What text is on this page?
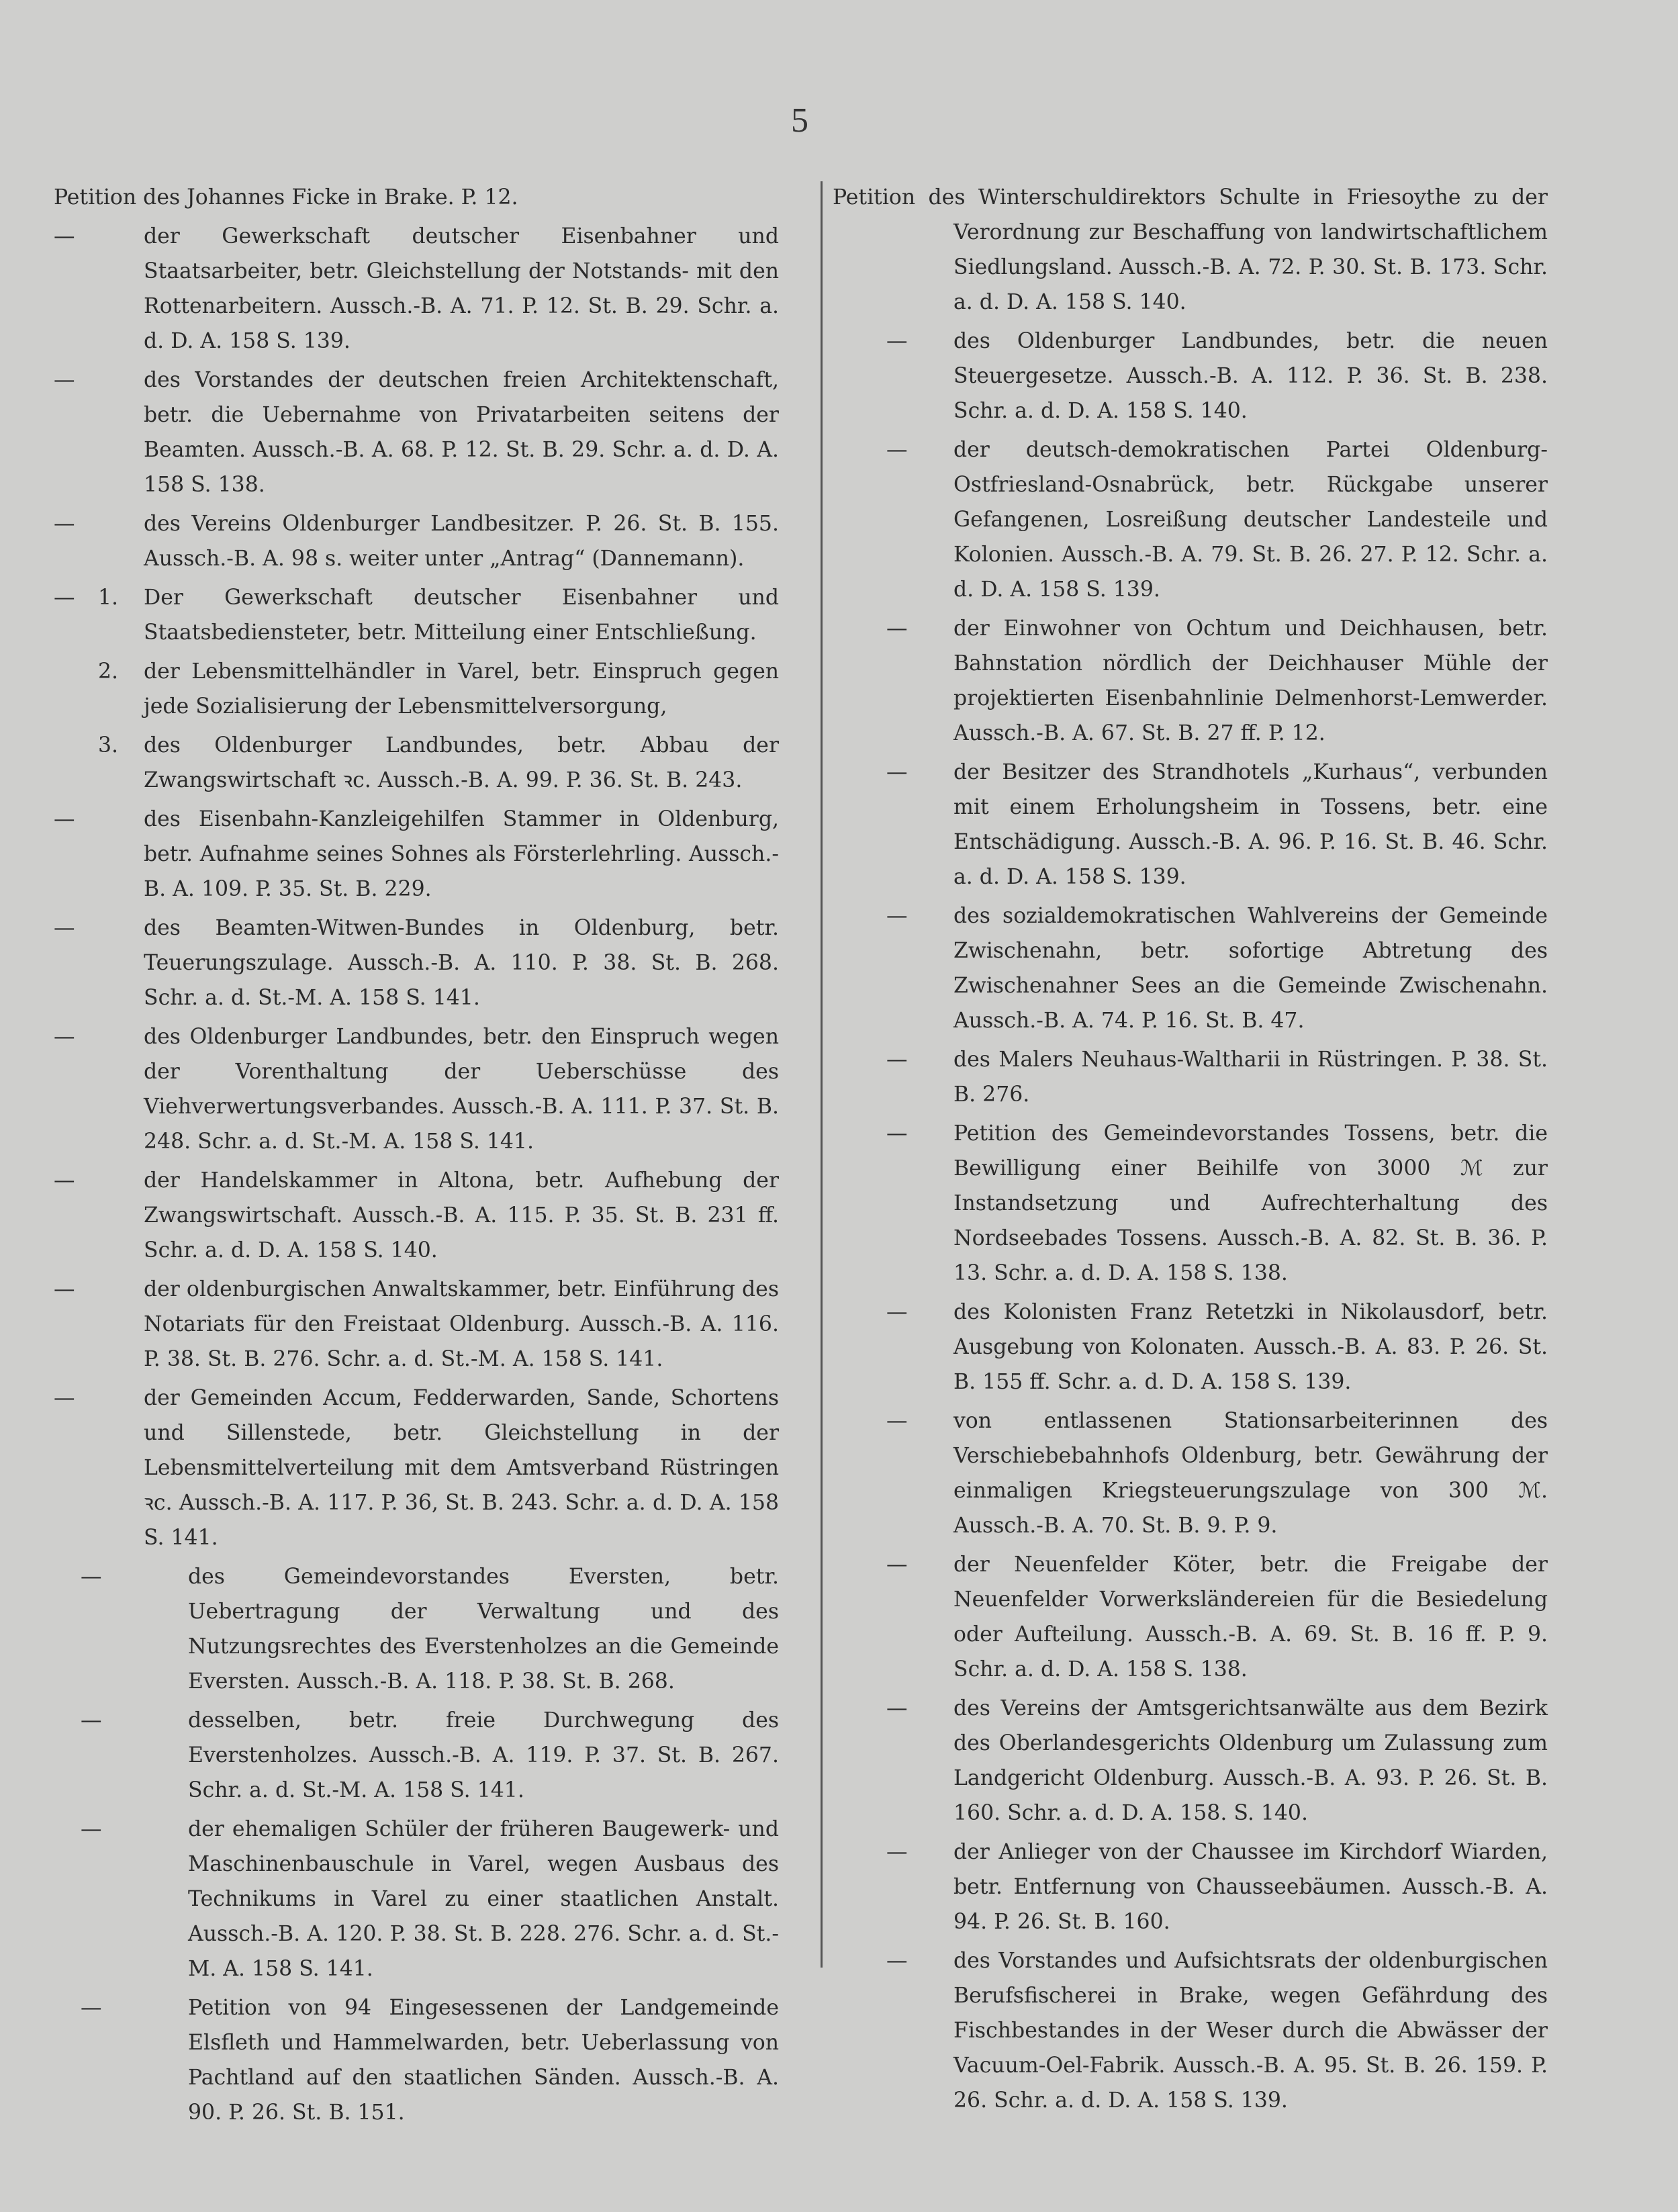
5
Petition des Johannes Ficke in Brake. P. 12.
—	der Gewerkschaft deutscher Eisenbahner und Staatsarbeiter, betr. Gleichstellung der Notstands- mit den Rottenarbeitern. Aussch.-B. A. 71. P. 12. St. B. 29. Schr. a. d. D. A. 158 S. 139.
—	des Vorstandes der deutschen freien Architektenschaft, betr. die Uebernahme von Privatarbeiten seitens der Beamten. Aussch.-B. A. 68. P. 12. St. B. 29. Schr. a. d. D. A. 158 S. 138.
—	des Vereins Oldenburger Landbesitzer. P. 26. St. B. 155. Aussch.-B. A. 98 s. weiter unter „Antrag“ (Dannemann).
—	1. Der Gewerkschaft deutscher Eisenbahner und Staatsbediensteter, betr. Mitteilung einer Entschließung.
2. der Lebensmittelhändler in Varel, betr. Einspruch gegen jede Sozialisierung der Lebensmittelversorgung,
3. des Oldenburger Landbundes, betr. Abbau der Zwangswirtschaft ꝛc. Aussch.-B. A. 99. P. 36. St. B. 243.
—	des Eisenbahn-Kanzleigehilfen Stammer in Oldenburg, betr. Aufnahme seines Sohnes als Försterlehrling. Aussch.-B. A. 109. P. 35. St. B. 229.
—	des Beamten-Witwen-Bundes in Oldenburg, betr. Teuerungszulage. Aussch.-B. A. 110. P. 38. St. B. 268. Schr. a. d. St.-M. A. 158 S. 141.
—	des Oldenburger Landbundes, betr. den Einspruch wegen der Vorenthaltung der Ueberschüsse des Viehverwertungsverbandes. Aussch.-B. A. 111. P. 37. St. B. 248. Schr. a. d. St.-M. A. 158 S. 141.
—	der Handelskammer in Altona, betr. Aufhebung der Zwangswirtschaft. Aussch.-B. A. 115. P. 35. St. B. 231 ff. Schr. a. d. D. A. 158 S. 140.
—	der oldenburgischen Anwaltskammer, betr. Einführung des Notariats für den Freistaat Oldenburg. Aussch.-B. A. 116. P. 38. St. B. 276. Schr. a. d. St.-M. A. 158 S. 141.
—	der Gemeinden Accum, Fedderwarden, Sande, Schortens und Sillenstede, betr. Gleichstellung in der Lebensmittelverteilung mit dem Amtsverband Rüstringen ꝛc. Aussch.-B. A. 117. P. 36, St. B. 243. Schr. a. d. D. A. 158 S. 141.
—	des Gemeindevorstandes Eversten, betr. Uebertragung der Verwaltung und des Nutzungsrechtes des Everstenholzes an die Gemeinde Eversten. Aussch.-B. A. 118. P. 38. St. B. 268.
—	desselben, betr. freie Durchwegung des Everstenholzes. Aussch.-B. A. 119. P. 37. St. B. 267. Schr. a. d. St.-M. A. 158 S. 141.
—	der ehemaligen Schüler der früheren Baugewerk- und Maschinenbauschule in Varel, wegen Ausbaus des Technikums in Varel zu einer staatlichen Anstalt. Aussch.-B. A. 120. P. 38. St. B. 228. 276. Schr. a. d. St.-M. A. 158 S. 141.
—	Petition von 94 Eingesessenen der Landgemeinde Elsfleth und Hammelwarden, betr. Ueberlassung von Pachtland auf den staatlichen Sänden. Aussch.-B. A. 90. P. 26. St. B. 151.
Petition des Winterschuldirektors Schulte in Friesoythe zu der Verordnung zur Beschaffung von landwirtschaftlichem Siedlungsland. Aussch.-B. A. 72. P. 30. St. B. 173. Schr. a. d. D. A. 158 S. 140.
—	des Oldenburger Landbundes, betr. die neuen Steuergesetze. Aussch.-B. A. 112. P. 36. St. B. 238. Schr. a. d. D. A. 158 S. 140.
—	der deutsch-demokratischen Partei Oldenburg-Ostfriesland-Osnabrück, betr. Rückgabe unserer Gefangenen, Losreißung deutscher Landesteile und Kolonien. Aussch.-B. A. 79. St. B. 26. 27. P. 12. Schr. a. d. D. A. 158 S. 139.
—	der Einwohner von Ochtum und Deichhausen, betr. Bahnstation nördlich der Deichhauser Mühle der projektierten Eisenbahnlinie Delmenhorst-Lemwerder. Aussch.-B. A. 67. St. B. 27 ff. P. 12.
—	der Besitzer des Strandhotels „Kurhaus“, verbunden mit einem Erholungsheim in Tossens, betr. eine Entschädigung. Aussch.-B. A. 96. P. 16. St. B. 46. Schr. a. d. D. A. 158 S. 139.
—	des sozialdemokratischen Wahlvereins der Gemeinde Zwischenahn, betr. sofortige Abtretung des Zwischenahner Sees an die Gemeinde Zwischenahn. Aussch.-B. A. 74. P. 16. St. B. 47.
—	des Malers Neuhaus-Waltharii in Rüstringen. P. 38. St. B. 276.
—	Petition des Gemeindevorstandes Tossens, betr. die Bewilligung einer Beihilfe von 3000 ℳ zur Instandsetzung und Aufrechterhaltung des Nordseebades Tossens. Aussch.-B. A. 82. St. B. 36. P. 13. Schr. a. d. D. A. 158 S. 138.
—	des Kolonisten Franz Retetzki in Nikolausdorf, betr. Ausgebung von Kolonaten. Aussch.-B. A. 83. P. 26. St. B. 155 ff. Schr. a. d. D. A. 158 S. 139.
—	von entlassenen Stationsarbeiterinnen des Verschiebebahnhofs Oldenburg, betr. Gewährung der einmaligen Kriegsteuerungszulage von 300 ℳ. Aussch.-B. A. 70. St. B. 9. P. 9.
—	der Neuenfelder Köter, betr. die Freigabe der Neuenfelder Vorwerksländereien für die Besiedelung oder Aufteilung. Aussch.-B. A. 69. St. B. 16 ff. P. 9. Schr. a. d. D. A. 158 S. 138.
—	des Vereins der Amtsgerichtsanwälte aus dem Bezirk des Oberlandesgerichts Oldenburg um Zulassung zum Landgericht Oldenburg. Aussch.-B. A. 93. P. 26. St. B. 160. Schr. a. d. D. A. 158. S. 140.
—	der Anlieger von der Chaussee im Kirchdorf Wiarden, betr. Entfernung von Chausseebäumen. Aussch.-B. A. 94. P. 26. St. B. 160.
—	des Vorstandes und Aufsichtsrats der oldenburgischen Berufsfischerei in Brake, wegen Gefährdung des Fischbestandes in der Weser durch die Abwässer der Vacuum-Oel-Fabrik. Aussch.-B. A. 95. St. B. 26. 159. P. 26. Schr. a. d. D. A. 158 S. 139.
